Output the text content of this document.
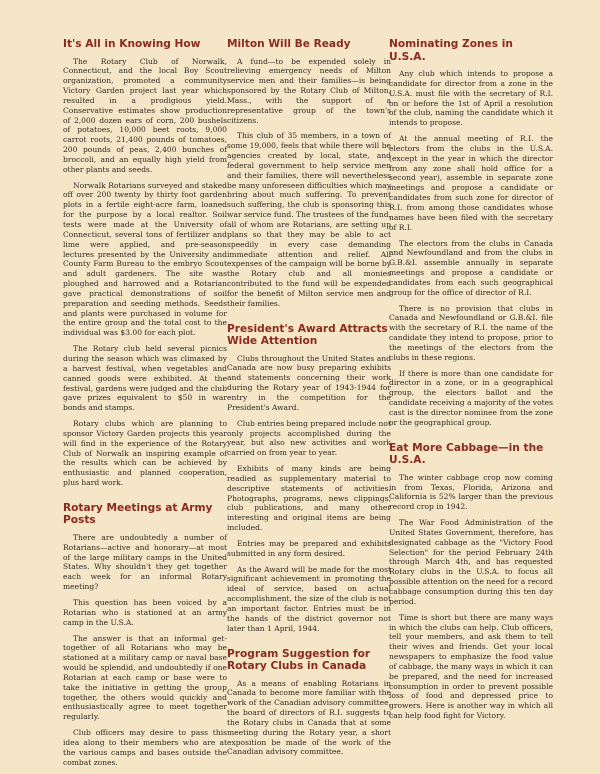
It's All in Knowing How

The Rotary Club of Norwalk, Connecticut, and the local Boy Scout organization, promoted a community Victory Garden project last year which resulted in a prodigious yield. Conservative estimates show production of 2,000 dozen ears of corn, 200 bushels of potatoes, 10,000 beet roots, 9,000 carrot roots, 21,400 pounds of tomatoes, 200 pounds of peas, 2,400 bunches of broccoli, and an equally high yield from other plants and seeds.

Norwalk Rotarians surveyed and staked off over 200 twenty by thirty foot garden plots in a fertile eight-acre farm, loaned for the purpose by a local realtor. Soil tests were made at the University of Connecticut, several tons of fertilizer and lime were applied, and pre-season lectures presented by the University and County Farm Bureau to the embryo Scout and adult gardeners. The site was ploughed and harrowed and a Rotarian gave practical demonstrations of soil preparation and seeding methods. Seeds and plants were purchased in volume for the entire group and the total cost to the individual was $3.00 for each plot.

The Rotary club held several picnics during the season which was climaxed by a harvest festival, when vegetables and canned goods were exhibited. At the festival, gardens were judged and the club gave prizes equivalent to $50 in war bonds and stamps.

Rotary clubs which are planning to sponsor Victory Garden projects this year will find in the experience of the Rotary Club of Norwalk an inspiring example of the results which can be achieved by enthusiastic and planned cooperation, plus hard work.

Rotary Meetings at Army Posts

There are undoubtedly a number of Rotarians—active and honorary—at most of the large military camps in the United States. Why shouldn't they get together each week for an informal Rotary meeting?

This question has been voiced by a Rotarian who is stationed at an army camp in the U.S.A.

The answer is that an informal get-together of all Rotarians who may be stationed at a military camp or naval base would be splendid, and undoubtedly if one Rotarian at each camp or base were to take the initiative in getting the group together, the others would quickly and enthusiastically agree to meet together regularly.

Club officers may desire to pass this idea along to their members who are at the various camps and bases outside the combat zones.

Milton Will Be Ready

A fund—to be expended solely in relieving emergency needs of Milton service men and their families—is being sponsored by the Rotary Club of Milton, Mass., with the support of a representative group of the town's citizens.

This club of 35 members, in a town of some 19,000, feels that while there will be agencies created by local, state, and federal government to help service men and their families, there will nevertheless be many unforeseen difficulties which may bring about much suffering. To prevent such suffering, the club is sponsoring this war service fund. The trustees of the fund, all of whom are Rotarians, are setting up plans so that they may be able to act speedily in every case demanding immediate attention and relief. All expenses of the campaign will be borne by the Rotary club and all monies contributed to the fund will be expended for the benefit of Milton service men and their families.

President's Award Attracts Wide Attention

Clubs throughout the United States and Canada are now busy preparing exhibits and statements concerning their work during the Rotary year of 1943-1944 for entry in the competition for the President's Award.

Club entries being prepared include not only projects accomplished during the year, but also new activities and work carried on from year to year.

Exhibits of many kinds are being readied as supplementary material to descriptive statements of activities. Photographs, programs, news clippings, club publications, and many other interesting and original items are being included.

Entries may be prepared and exhibits submitted in any form desired.

As the Award will be made for the most significant achievement in promoting the ideal of service, based on actual accomplishment, the size of the club is not an important factor. Entries must be in the hands of the district governor not later than 1 April, 1944.

Program Suggestion for Rotary Clubs in Canada

As a means of enabling Rotarians in Canada to become more familiar with the work of the Canadian advisory committee, the board of directors of R.I. suggests to the Rotary clubs in Canada that at some meeting during the Rotary year, a short exposition be made of the work of the Canadian advisory committee.

Nominating Zones in U.S.A.

Any club which intends to propose a candidate for director from a zone in the U.S.A. must file with the secretary of R.I. on or before the 1st of April a resolution of the club, naming the candidate which it intends to propose.

At the annual meeting of R.I. the electors from the clubs in the U.S.A. (except in the year in which the director from any zone shall hold office for a second year), assemble in separate zone meetings and propose a candidate or candidates from such zone for director of R.I. from among those candidates whose names have been filed with the secretary of R.I.

The electors from the clubs in Canada and Newfoundland and from the clubs in G.B.&I. assemble annually in separate meetings and propose a candidate or candidates from each such geographical group for the office of director of R.I.

There is no provision that clubs in Canada and Newfoundland or G.B.&I. file with the secretary of R.I. the name of the candidate they intend to propose, prior to the meetings of the electors from the clubs in these regions.

If there is more than one candidate for director in a zone, or in a geographical group, the electors ballot and the candidate receiving a majority of the votes cast is the director nominee from the zone or the geographical group.

Eat More Cabbage—in the U.S.A.

The winter cabbage crop now coming in from Texas, Florida, Arizona and California is 52% larger than the previous record crop in 1942.

The War Food Administration of the United States Government, therefore, has designated cabbage as the "Victory Food Selection" for the period February 24th through March 4th, and has requested Rotary clubs in the U.S.A. to focus all possible attention on the need for a record cabbage consumption during this ten day period.

Time is short but there are many ways in which the clubs can help. Club officers, tell your members, and ask them to tell their wives and friends. Get your local newspapers to emphasize the food value of cabbage, the many ways in which it can be prepared, and the need for increased consumption in order to prevent possible loss of food and depressed price to growers. Here is another way in which all can help food fight for Victory.
